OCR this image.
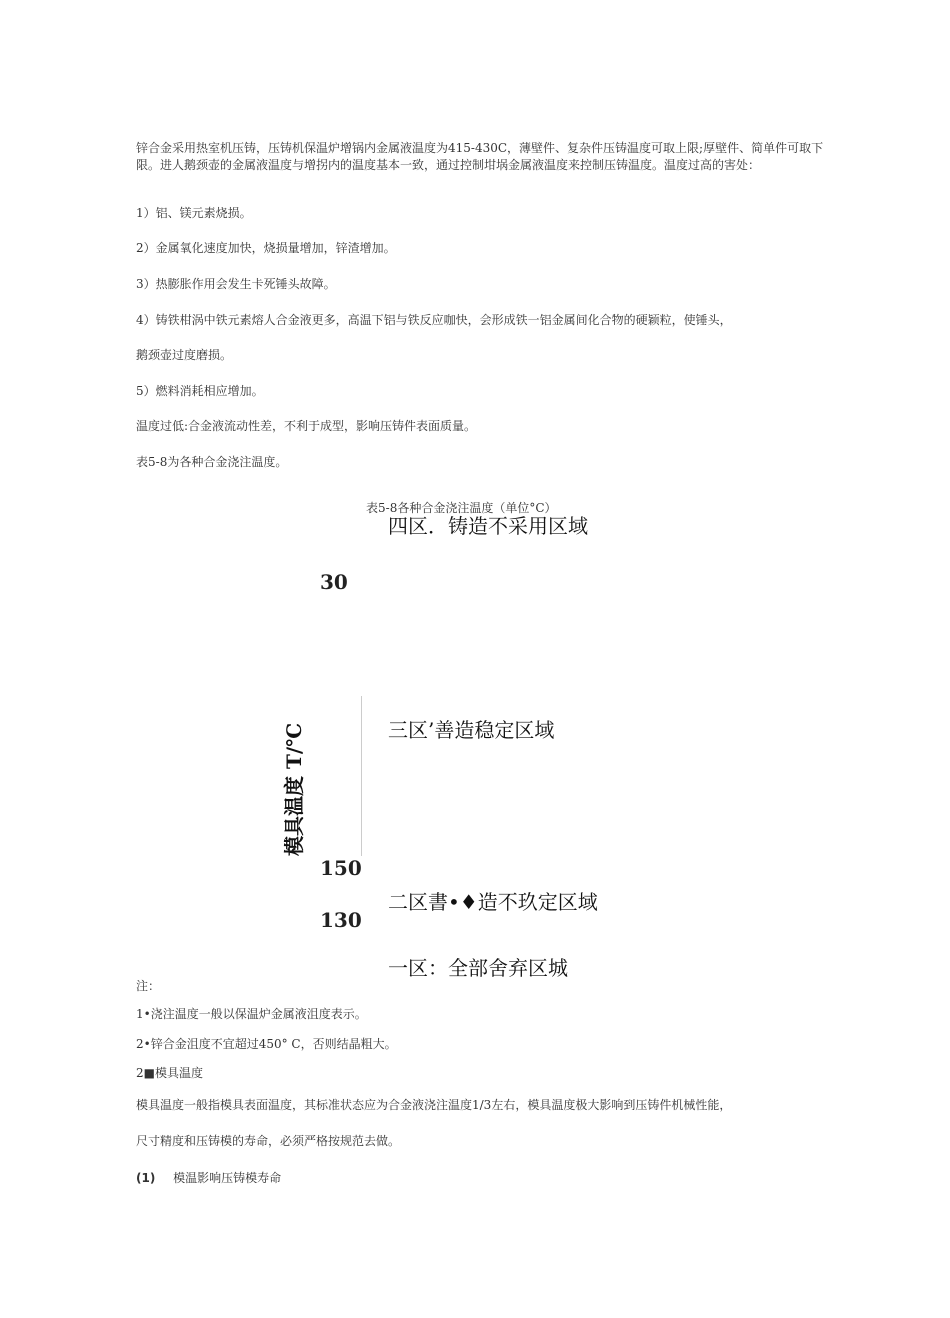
锌合金采用热室机压铸，压铸机保温炉增锅内金属液温度为415-430C，薄壁件、复杂件压铸温度可取上限;厚壁件、简单件可取下限。进人鹅颈壶的金属液温度与增拐内的温度基本一致，通过控制坩埚金属液温度来控制压铸温度。温度过高的害处：

1）铝、镁元素烧损。

2）金属氧化速度加快，烧损量增加，锌渣增加。

3）热膨胀作用会发生卡死锤头故障。

4）铸铁柑涡中铁元素熔人合金液更多，高温下铝与铁反应咖快，会形成铁一铝金属间化合物的硬颖粒，使锤头，

鹅颈壶过度磨损。

5）燃料消耗相应增加。

温度过低:合金液流动性差，不利于成型，影响压铸件表面质量。

表5-8为各种合金浇注温度。

表5-8各种合金浇注温度（单位°C）

四区．铸造不采用区域
30
模具温度 T/℃	三区’善造稳定区域
150
二区書•♦造不玖定区域
130
一区：全部舍弃区城

注：

1•浇注温度一般以保温炉金属液沮度表示。

2•锌合金沮度不宜超过450° C，否则结晶粗大。

2■模具温度

模具温度一般指模具表面温度，其标准状态应为合金液浇注温度1/3左右，模具温度极大影响到压铸件机械性能，

尺寸精度和压铸模的寿命，必须严格按规范去做。

(1) 模温影响压铸模寿命
